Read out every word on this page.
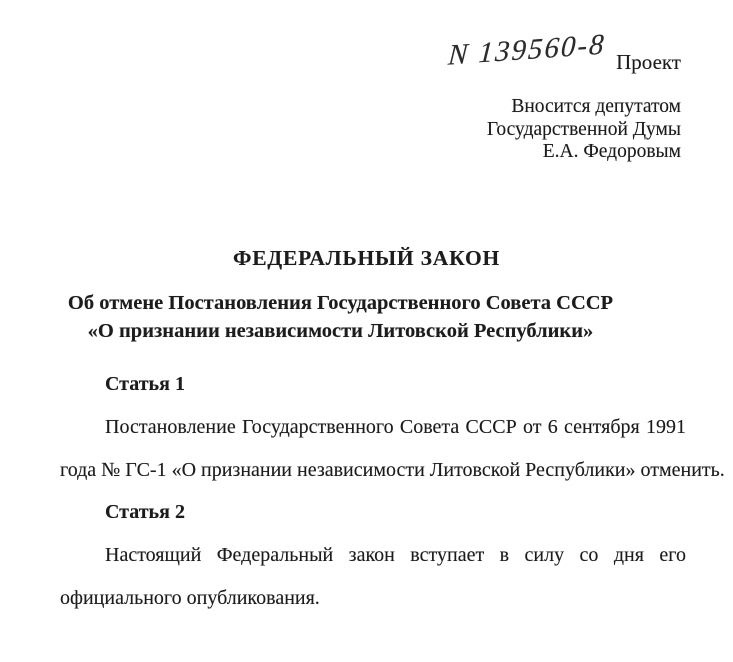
N 139560-8 Проект
Вносится депутатом
Государственной Думы
Е.А. Федоровым
ФЕДЕРАЛЬНЫЙ ЗАКОН
Об отмене Постановления Государственного Совета СССР
«О признании независимости Литовской Республики»
Статья 1
Постановление Государственного Совета СССР от 6 сентября 1991
года № ГС-1 «О признании независимости Литовской Республики» отменить.
Статья 2
Настоящий Федеральный закон вступает в силу со дня его
официального опубликования.
